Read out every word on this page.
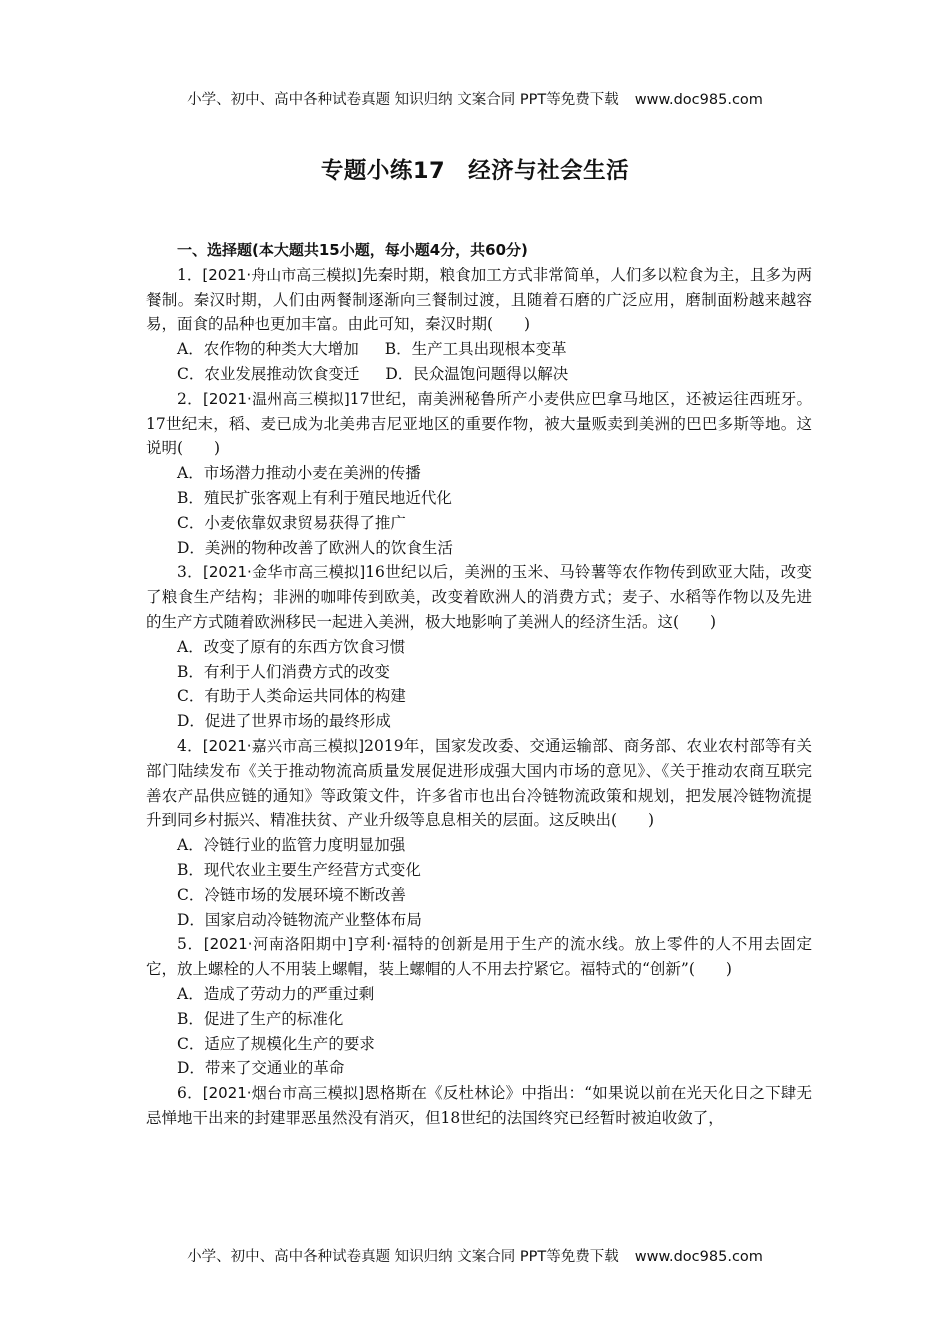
小学、初中、高中各种试卷真题 知识归纳 文案合同 PPT等免费下载 www.doc985.com
专题小练17　经济与社会生活

一、选择题(本大题共15小题，每小题4分，共60分)

1．[2021·舟山市高三模拟]先秦时期，粮食加工方式非常简单，人们多以粒食为主，且多为两餐制。秦汉时期，人们由两餐制逐渐向三餐制过渡，且随着石磨的广泛应用，磨制面粉越来越容易，面食的品种也更加丰富。由此可知，秦汉时期(　　)

A．农作物的种类大大增加 B．生产工具出现根本变革

C．农业发展推动饮食变迁 D．民众温饱问题得以解决

2．[2021·温州高三模拟]17世纪，南美洲秘鲁所产小麦供应巴拿马地区，还被运往西班牙。17世纪末，稻、麦已成为北美弗吉尼亚地区的重要作物，被大量贩卖到美洲的巴巴多斯等地。这说明(　　)

A．市场潜力推动小麦在美洲的传播

B．殖民扩张客观上有利于殖民地近代化

C．小麦依靠奴隶贸易获得了推广

D．美洲的物种改善了欧洲人的饮食生活

3．[2021·金华市高三模拟]16世纪以后，美洲的玉米、马铃薯等农作物传到欧亚大陆，改变了粮食生产结构；非洲的咖啡传到欧美，改变着欧洲人的消费方式；麦子、水稻等作物以及先进的生产方式随着欧洲移民一起进入美洲，极大地影响了美洲人的经济生活。这(　　)

A．改变了原有的东西方饮食习惯

B．有利于人们消费方式的改变

C．有助于人类命运共同体的构建

D．促进了世界市场的最终形成

4．[2021·嘉兴市高三模拟]2019年，国家发改委、交通运输部、商务部、农业农村部等有关部门陆续发布《关于推动物流高质量发展促进形成强大国内市场的意见》、《关于推动农商互联完善农产品供应链的通知》等政策文件，许多省市也出台冷链物流政策和规划，把发展冷链物流提升到同乡村振兴、精准扶贫、产业升级等息息相关的层面。这反映出(　　)

A．冷链行业的监管力度明显加强

B．现代农业主要生产经营方式变化

C．冷链市场的发展环境不断改善

D．国家启动冷链物流产业整体布局

5．[2021·河南洛阳期中]亨利·福特的创新是用于生产的流水线。放上零件的人不用去固定它，放上螺栓的人不用装上螺帽，装上螺帽的人不用去拧紧它。福特式的“创新”(　　)

A．造成了劳动力的严重过剩

B．促进了生产的标准化

C．适应了规模化生产的要求

D．带来了交通业的革命

6．[2021·烟台市高三模拟]恩格斯在《反杜林论》中指出：“如果说以前在光天化日之下肆无忌惮地干出来的封建罪恶虽然没有消灭，但18世纪的法国终究已经暂时被迫收敛了，

小学、初中、高中各种试卷真题 知识归纳 文案合同 PPT等免费下载 www.doc985.com
